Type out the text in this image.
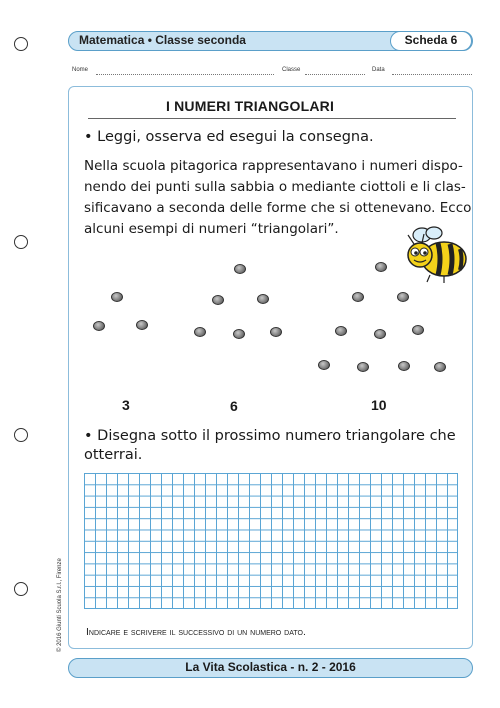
Matematica • Classe seconda	Scheda 6
Nome	Classe	Data
I NUMERI TRIANGOLARI
• Leggi, osserva ed esegui la consegna.
Nella scuola pitagorica rappresentavano i numeri dispo-
nendo dei punti sulla sabbia o mediante ciottoli e li clas-
sificavano a seconda delle forme che si ottenevano. Ecco
alcuni esempi di numeri “triangolari”.
3	6	10
• Disegna sotto il prossimo numero triangolare che
otterrai.
Indicare e scrivere il successivo di un numero dato.
La Vita Scolastica - n. 2 - 2016
© 2016 Giunti Scuola S.r.l., Firenze
